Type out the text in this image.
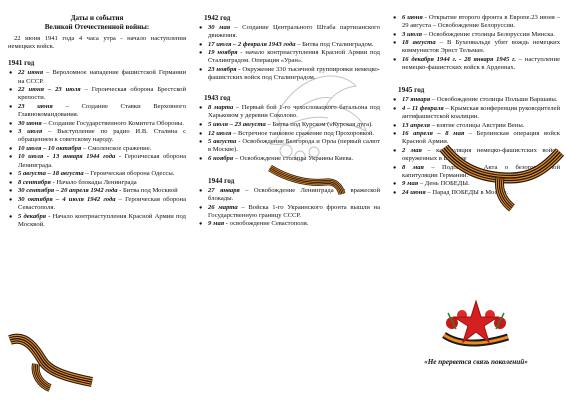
Даты и события
Великой Отечественной войны:
22 июня 1941 года 4 часа утра - начало наступления немецких войск.
1941 год
● 22 июня – Вероломное нападение фашистской Германии на СССР.
● 22 июня – 23 июля – Героическая оборона Брестской крепости.
● 23 июня – Создание Ставки Верховного Главнокомандования.
● 30 июня – Создание Государственного Комитета Обороны.
● 3 июля – Выступление по радио И.В. Сталина с обращением к советскому народу.
● 10 июля – 10 октября – Смоленское сражение.
● 10 июля - 13 января 1944 года - Героическая оборона Ленинграда.
● 5 августа – 18 августа – Героическая оборона Одессы.
● 8 сентября - Начало блокады Ленинграда
● 30 сентября – 20 апреля 1942 года - Битва под Москвой
● 30 октября – 4 июля 1942 года – Героическая оборона Севастополя.
● 5 декабря - Начало контрнаступления Красной Армии под Москвой.
1942 год
● 30 мая – Создание Центрального Штаба партизанского движения.
● 17 июля – 2 февраля 1943 года – Битва под Сталинградом.
● 19 ноября - начало контрнаступления Красной Армии под Сталинградом. Операция «Уран».
● 23 ноября - Окружение 330 тысячной группировки немецко-фашистских войск под Сталинградом.
1943 год
● 8 марта – Первый бой 1-го чехословацкого батальона под Харьковом у деревни Соколово.
● 5 июля – 23 августа – Битва под Курском («Курская дуга).
● 12 июля – Встречное танковое сражение под Прохоровкой.
● 5 августа - Освобождение Белгорода и Орла (первый салют в Москве).
● 6 ноября – Освобождение столицы Украины Киева.
1944 год
● 27 января – Освобождение Ленинграда от вражеской блокады.
● 26 марта – Войска 1-го Украинского фронта вышли на Государственную границу СССР.
● 9 мая - освобождение Севастополя.
● 6 июня - Открытие второго фронта в Европе.23 июня – 29 августа – Освобождение Белоруссии.
● 3 июля – Освобождение столицы Белоруссии Минска.
● 18 августа – В Бухенвальде убит вождь немецких коммунистов Эрнст Тельман.
● 16 декабря 1944 г. - 28 января 1945 г. – наступление немецко-фашистских войск в Арденнах.
1945 год
● 17 января – Освобождение столицы Польши Варшавы.
● 4 – 11 февраля – Крымская конференция руководителей антифашистской коалиции.
● 13 апреля – взятие столицы Австрии Вены.
● 16 апреля – 8 мая – Берлинская операция войск Красной Армии.
● 2 мая – капитуляция немецко-фашистских войск, окруженных в Берлине
● 8 мая – Подписание Акта о безоговорочной капитуляции Германии.
● 9 мая – День ПОБЕДЫ.
● 24 июня – Парад ПОБЕДЫ в Москве.
«Не прервется связь поколений»
